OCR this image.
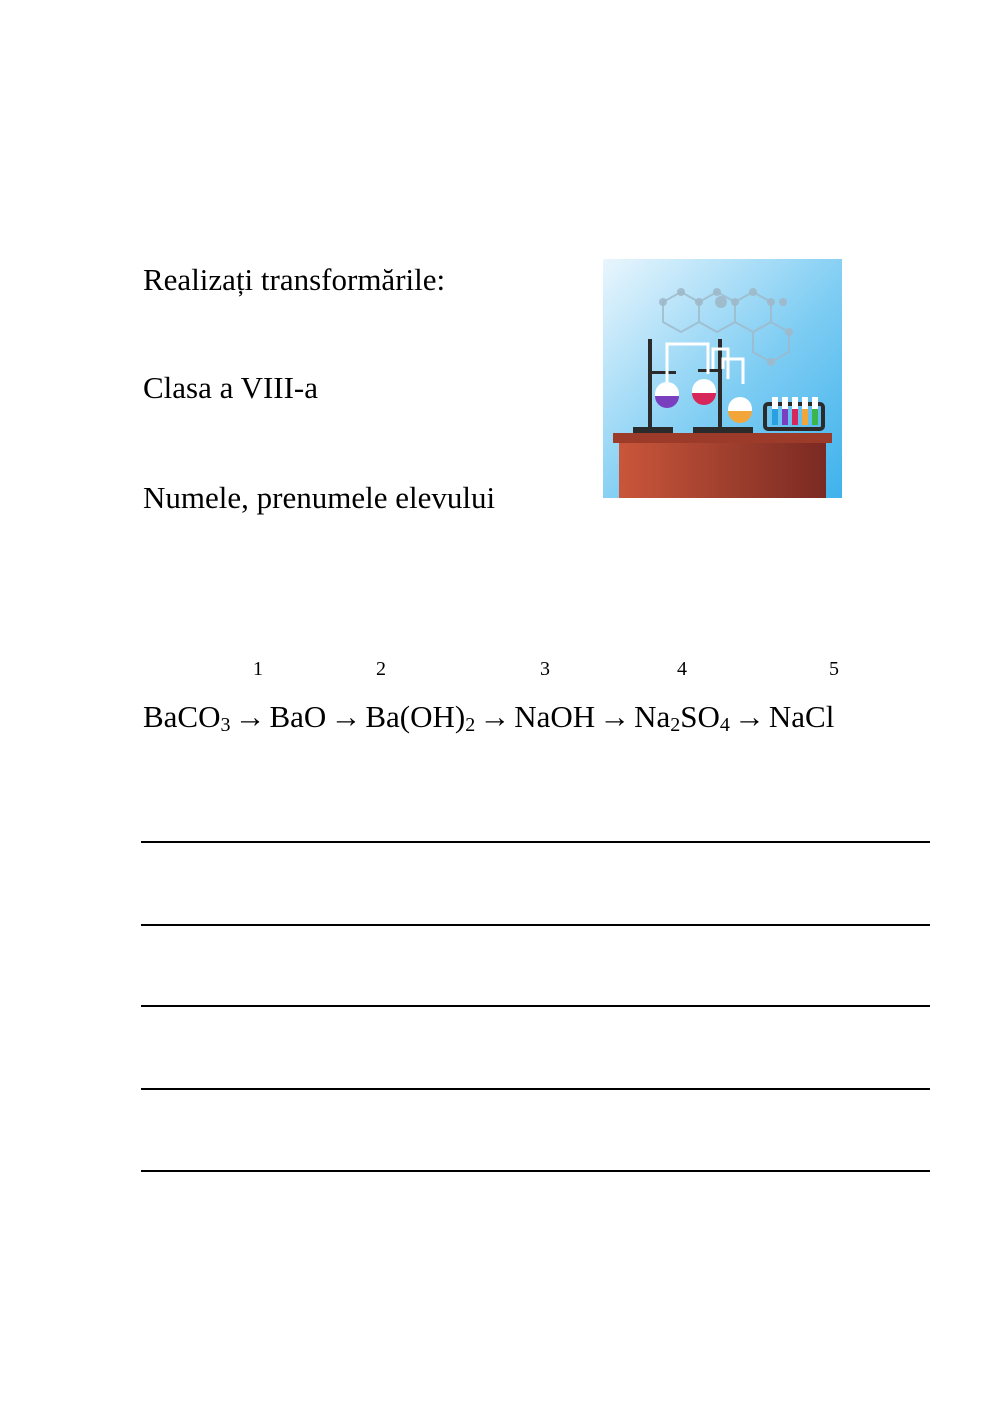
Realizați transformările:
Clasa a VIII-a
Numele, prenumele elevului
1	2	3	4	5
BaCO$_3$ → BaO → $Ba(OH)_2$ → NaOH → $Na_2SO_4$ → NaCl
